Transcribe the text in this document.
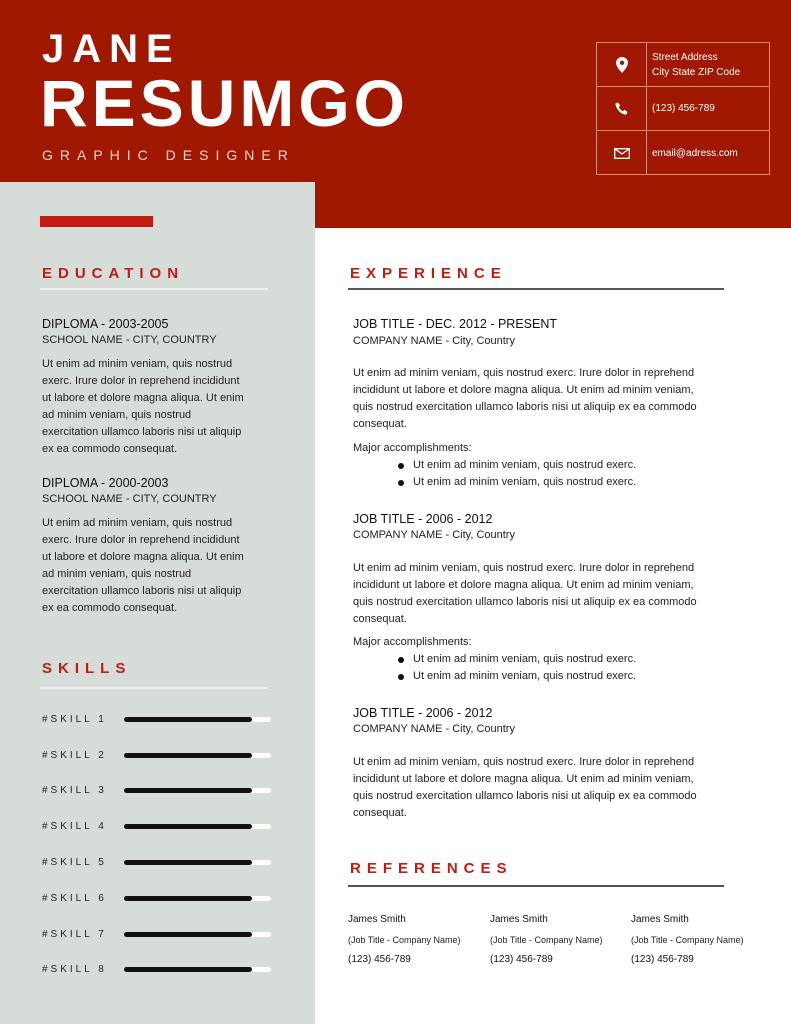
JANE
RESUMGO
GRAPHIC DESIGNER
Street Address
City State ZIP Code
(123) 456-789
email@adress.com
EDUCATION
DIPLOMA - 2003-2005
SCHOOL NAME - CITY, COUNTRY
Ut enim ad minim veniam, quis nostrud
exerc. Irure dolor in reprehend incididunt
ut labore et dolore magna aliqua. Ut enim
ad minim veniam, quis nostrud
exercitation ullamco laboris nisi ut aliquip
ex ea commodo consequat.
DIPLOMA - 2000-2003
SCHOOL NAME - CITY, COUNTRY
Ut enim ad minim veniam, quis nostrud
exerc. Irure dolor in reprehend incididunt
ut labore et dolore magna aliqua. Ut enim
ad minim veniam, quis nostrud
exercitation ullamco laboris nisi ut aliquip
ex ea commodo consequat.
SKILLS
#SKILL 1
#SKILL 2
#SKILL 3
#SKILL 4
#SKILL 5
#SKILL 6
#SKILL 7
#SKILL 8
EXPERIENCE
JOB TITLE - DEC. 2012 - PRESENT
COMPANY NAME - City, Country
Ut enim ad minim veniam, quis nostrud exerc. Irure dolor in reprehend
incididunt ut labore et dolore magna aliqua. Ut enim ad minim veniam,
quis nostrud exercitation ullamco laboris nisi ut aliquip ex ea commodo
consequat.
Major accomplishments:
Ut enim ad minim veniam, quis nostrud exerc.
Ut enim ad minim veniam, quis nostrud exerc.
JOB TITLE - 2006 - 2012
COMPANY NAME - City, Country
Ut enim ad minim veniam, quis nostrud exerc. Irure dolor in reprehend
incididunt ut labore et dolore magna aliqua. Ut enim ad minim veniam,
quis nostrud exercitation ullamco laboris nisi ut aliquip ex ea commodo
consequat.
Major accomplishments:
Ut enim ad minim veniam, quis nostrud exerc.
Ut enim ad minim veniam, quis nostrud exerc.
JOB TITLE - 2006 - 2012
COMPANY NAME - City, Country
Ut enim ad minim veniam, quis nostrud exerc. Irure dolor in reprehend
incididunt ut labore et dolore magna aliqua. Ut enim ad minim veniam,
quis nostrud exercitation ullamco laboris nisi ut aliquip ex ea commodo
consequat.
REFERENCES
James Smith
(Job Title - Company Name)
(123) 456-789
James Smith
(Job Title - Company Name)
(123) 456-789
James Smith
(Job Title - Company Name)
(123) 456-789
